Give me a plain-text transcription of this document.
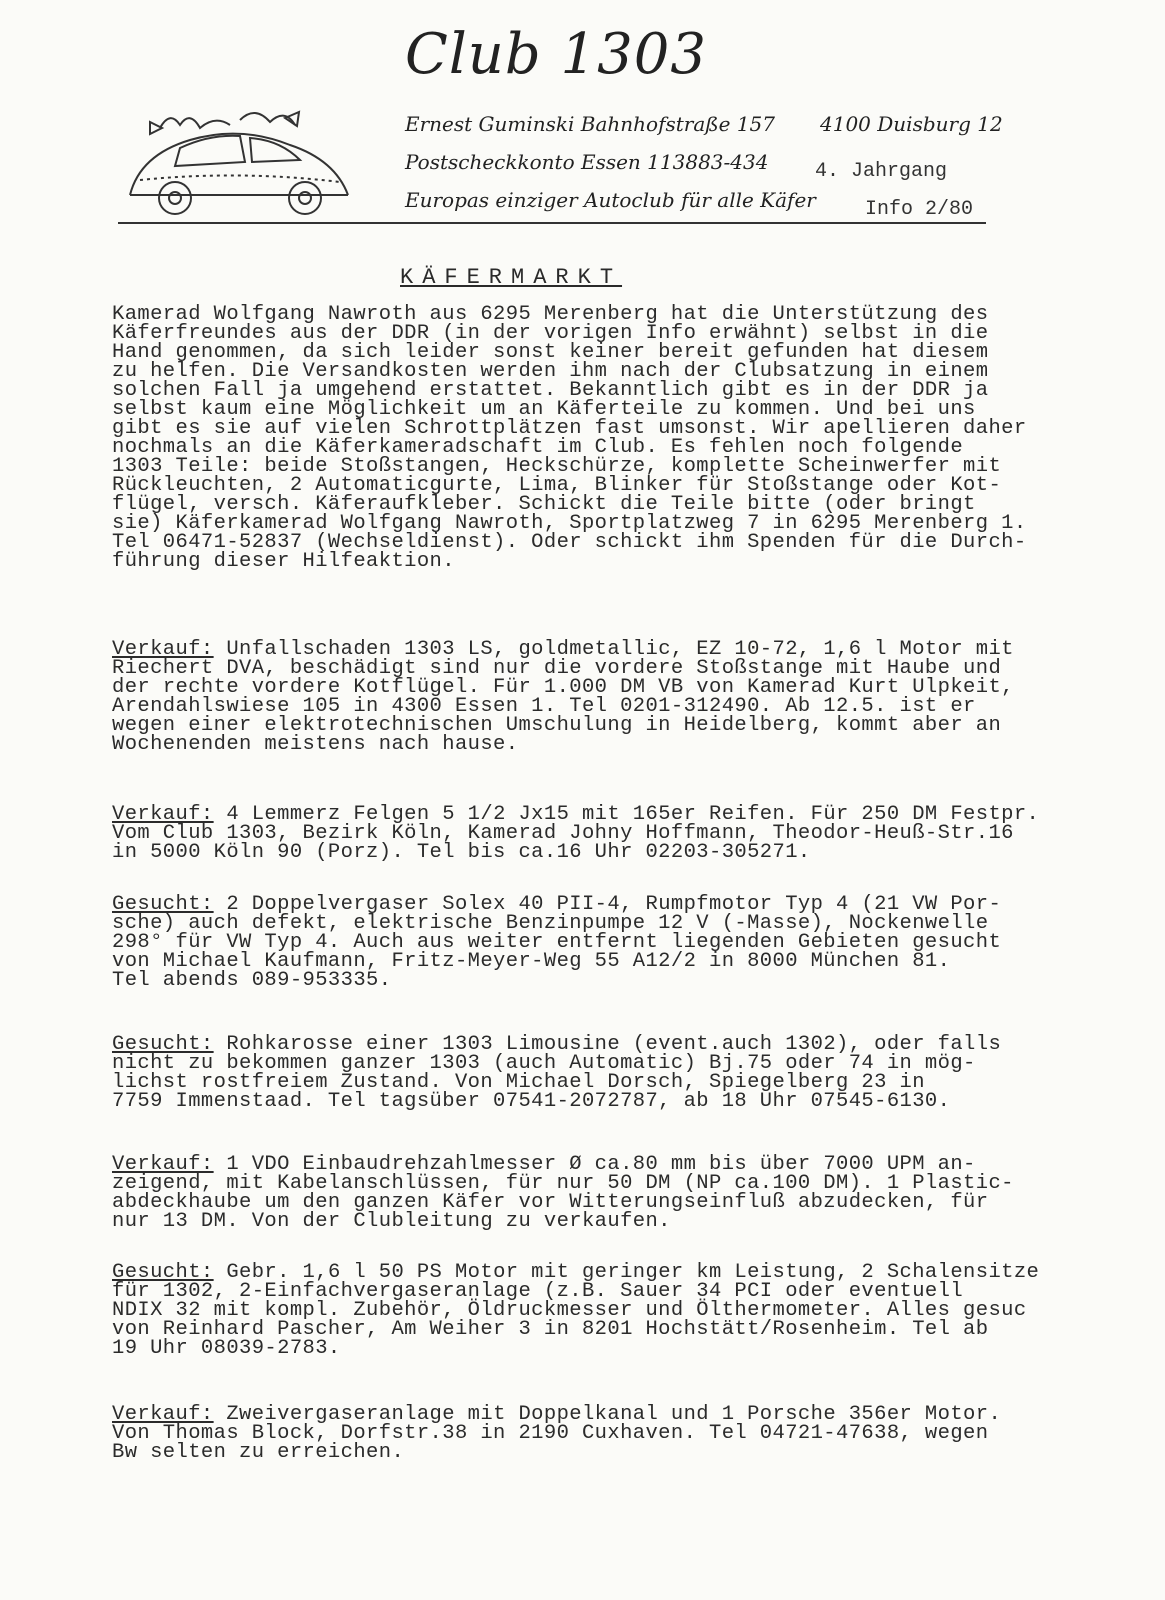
Club 1303
Ernest Guminski Bahnhofstraße 157 4100 Duisburg 12
Postscheckkonto Essen 113883-434 4. Jahrgang
Europas einziger Autoclub für alle Käfer Info 2/80
KÄFERMARKT
Kamerad Wolfgang Nawroth aus 6295 Merenberg hat die Unterstützung des
Käferfreundes aus der DDR (in der vorigen Info erwähnt) selbst in die
Hand genommen, da sich leider sonst keiner bereit gefunden hat diesem
zu helfen. Die Versandkosten werden ihm nach der Clubsatzung in einem
solchen Fall ja umgehend erstattet. Bekanntlich gibt es in der DDR ja
selbst kaum eine Möglichkeit um an Käferteile zu kommen. Und bei uns
gibt es sie auf vielen Schrottplätzen fast umsonst. Wir apellieren daher
nochmals an die Käferkameradschaft im Club. Es fehlen noch folgende
1303 Teile: beide Stoßstangen, Heckschürze, komplette Scheinwerfer mit
Rückleuchten, 2 Automaticgurte, Lima, Blinker für Stoßstange oder Kot-
flügel, versch. Käferaufkleber. Schickt die Teile bitte (oder bringt
sie) Käferkamerad Wolfgang Nawroth, Sportplatzweg 7 in 6295 Merenberg 1.
Tel 06471-52837 (Wechseldienst). Oder schickt ihm Spenden für die Durch-
führung dieser Hilfeaktion.
Verkauf: Unfallschaden 1303 LS, goldmetallic, EZ 10-72, 1,6 l Motor mit
Riechert DVA, beschädigt sind nur die vordere Stoßstange mit Haube und
der rechte vordere Kotflügel. Für 1.000 DM VB von Kamerad Kurt Ulpkeit,
Arendahlswiese 105 in 4300 Essen 1. Tel 0201-312490. Ab 12.5. ist er
wegen einer elektrotechnischen Umschulung in Heidelberg, kommt aber an
Wochenenden meistens nach hause.
Verkauf: 4 Lemmerz Felgen 5 1/2 Jx15 mit 165er Reifen. Für 250 DM Festpr.
Vom Club 1303, Bezirk Köln, Kamerad Johny Hoffmann, Theodor-Heuß-Str.16
in 5000 Köln 90 (Porz). Tel bis ca.16 Uhr 02203-305271.
Gesucht: 2 Doppelvergaser Solex 40 PII-4, Rumpfmotor Typ 4 (21 VW Por-
sche) auch defekt, elektrische Benzinpumpe 12 V (-Masse), Nockenwelle
298° für VW Typ 4. Auch aus weiter entfernt liegenden Gebieten gesucht
von Michael Kaufmann, Fritz-Meyer-Weg 55 A12/2 in 8000 München 81.
Tel abends 089-953335.
Gesucht: Rohkarosse einer 1303 Limousine (event.auch 1302), oder falls
nicht zu bekommen ganzer 1303 (auch Automatic) Bj.75 oder 74 in mög-
lichst rostfreiem Zustand. Von Michael Dorsch, Spiegelberg 23 in
7759 Immenstaad. Tel tagsüber 07541-2072787, ab 18 Uhr 07545-6130.
Verkauf: 1 VDO Einbaudrehzahlmesser Ø ca.80 mm bis über 7000 UPM an-
zeigend, mit Kabelanschlüssen, für nur 50 DM (NP ca.100 DM). 1 Plastic-
abdeckhaube um den ganzen Käfer vor Witterungseinfluß abzudecken, für
nur 13 DM. Von der Clubleitung zu verkaufen.
Gesucht: Gebr. 1,6 l 50 PS Motor mit geringer km Leistung, 2 Schalensitze
für 1302, 2-Einfachvergaseranlage (z.B. Sauer 34 PCI oder eventuell
NDIX 32 mit kompl. Zubehör, Öldruckmesser und Ölthermometer. Alles gesuc
von Reinhard Pascher, Am Weiher 3 in 8201 Hochstätt/Rosenheim. Tel ab
19 Uhr 08039-2783.
Verkauf: Zweivergaseranlage mit Doppelkanal und 1 Porsche 356er Motor.
Von Thomas Block, Dorfstr.38 in 2190 Cuxhaven. Tel 04721-47638, wegen
Bw selten zu erreichen.
